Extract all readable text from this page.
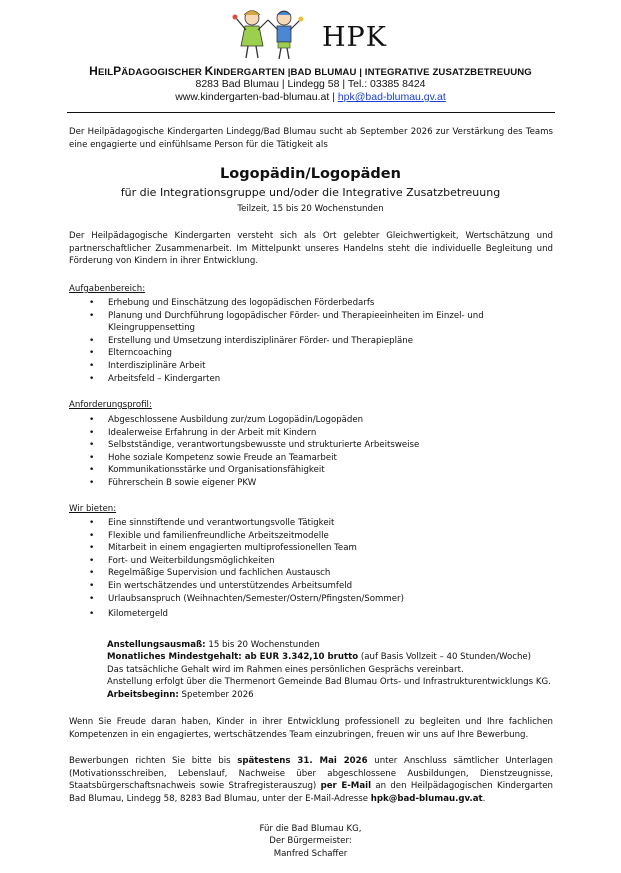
HPK
HEILPÄDAGOGISCHER KINDERGARTEN |BAD BLUMAU | INTEGRATIVE ZUSATZBETREUUNG
8283 Bad Blumau | Lindegg 58 | Tel.: 03385 8424
www.kindergarten-bad-blumau.at | hpk@bad-blumau.gv.at
Der Heilpädagogische Kindergarten Lindegg/Bad Blumau sucht ab September 2026 zur Verstärkung des Teams eine engagierte und einfühlsame Person für die Tätigkeit als
Logopädin/Logopäden
für die Integrationsgruppe und/oder die Integrative Zusatzbetreuung
Teilzeit, 15 bis 20 Wochenstunden
Der Heilpädagogische Kindergarten versteht sich als Ort gelebter Gleichwertigkeit, Wertschätzung und partnerschaftlicher Zusammenarbeit. Im Mittelpunkt unseres Handelns steht die individuelle Begleitung und Förderung von Kindern in ihrer Entwicklung.
Aufgabenbereich:
• Erhebung und Einschätzung des logopädischen Förderbedarfs
• Planung und Durchführung logopädischer Förder- und Therapieeinheiten im Einzel- und Kleingruppensetting
• Erstellung und Umsetzung interdisziplinärer Förder- und Therapiepläne
• Elterncoaching
• Interdisziplinäre Arbeit
• Arbeitsfeld – Kindergarten
Anforderungsprofil:
• Abgeschlossene Ausbildung zur/zum Logopädin/Logopäden
• Idealerweise Erfahrung in der Arbeit mit Kindern
• Selbstständige, verantwortungsbewusste und strukturierte Arbeitsweise
• Hohe soziale Kompetenz sowie Freude an Teamarbeit
• Kommunikationsstärke und Organisationsfähigkeit
• Führerschein B sowie eigener PKW
Wir bieten:
• Eine sinnstiftende und verantwortungsvolle Tätigkeit
• Flexible und familienfreundliche Arbeitszeitmodelle
• Mitarbeit in einem engagierten multiprofessionellen Team
• Fort- und Weiterbildungsmöglichkeiten
• Regelmäßige Supervision und fachlichen Austausch
• Ein wertschätzendes und unterstützendes Arbeitsumfeld
• Urlaubsanspruch (Weihnachten/Semester/Ostern/Pfingsten/Sommer)
• Kilometergeld
Anstellungsausmaß: 15 bis 20 Wochenstunden
Monatliches Mindestgehalt: ab EUR 3.342,10 brutto (auf Basis Vollzeit – 40 Stunden/Woche)
Das tatsächliche Gehalt wird im Rahmen eines persönlichen Gesprächs vereinbart.
Anstellung erfolgt über die Thermenort Gemeinde Bad Blumau Orts- und Infrastrukturentwicklungs KG.
Arbeitsbeginn: Spetember 2026
Wenn Sie Freude daran haben, Kinder in ihrer Entwicklung professionell zu begleiten und Ihre fachlichen Kompetenzen in ein engagiertes, wertschätzendes Team einzubringen, freuen wir uns auf Ihre Bewerbung.
Bewerbungen richten Sie bitte bis spätestens 31. Mai 2026 unter Anschluss sämtlicher Unterlagen (Motivationsschreiben, Lebenslauf, Nachweise über abgeschlossene Ausbildungen, Dienstzeugnisse, Staatsbürgerschaftsnachweis sowie Strafregisterauszug) per E-Mail an den Heilpädagogischen Kindergarten Bad Blumau, Lindegg 58, 8283 Bad Blumau, unter der E-Mail-Adresse hpk@bad-blumau.gv.at.
Für die Bad Blumau KG,
Der Bürgermeister:
Manfred Schaffer
